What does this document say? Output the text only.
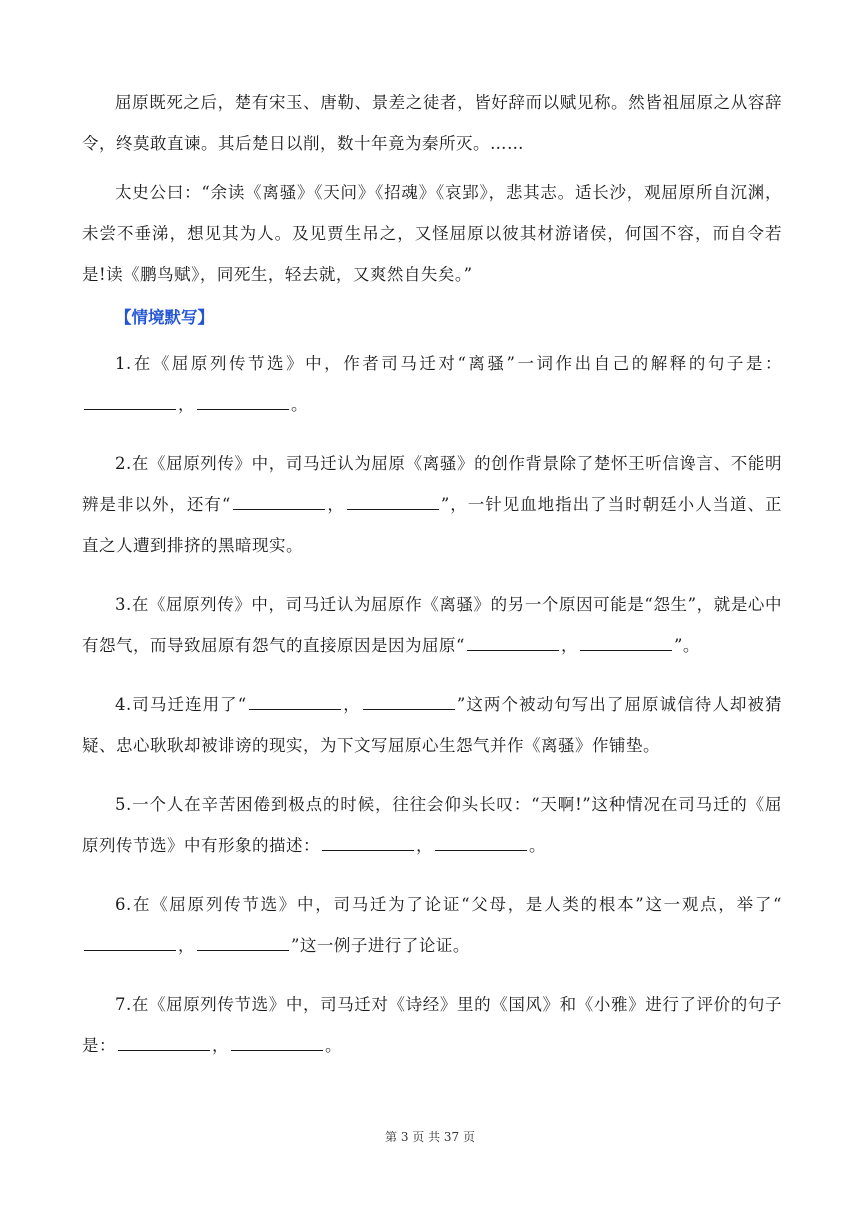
屈原既死之后，楚有宋玉、唐勒、景差之徒者，皆好辞而以赋见称。然皆祖屈原之从容辞令，终莫敢直谏。其后楚日以削，数十年竟为秦所灭。……

太史公曰：“余读《离骚》《天问》《招魂》《哀郢》，悲其志。适长沙，观屈原所自沉渊，未尝不垂涕，想见其为人。及见贾生吊之，又怪屈原以彼其材游诸侯，何国不容，而自令若是!读《鹏鸟赋》，同死生，轻去就，又爽然自失矣。”

【情境默写】

1.在《屈原列传节选》中，作者司马迁对“离骚”一词作出自己的解释的句子是：，	。

2.在《屈原列传》中，司马迁认为屈原《离骚》的创作背景除了楚怀王听信谗言、不能明辨是非以外，还有“	，	”，一针见血地指出了当时朝廷小人当道、正直之人遭到排挤的黑暗现实。

3.在《屈原列传》中，司马迁认为屈原作《离骚》的另一个原因可能是“怨生”，就是心中有怨气，而导致屈原有怨气的直接原因是因为屈原“	，	”。

4.司马迁连用了“	，	”这两个被动句写出了屈原诚信待人却被猜疑、忠心耿耿却被诽谤的现实，为下文写屈原心生怨气并作《离骚》作铺垫。

5.一个人在辛苦困倦到极点的时候，往往会仰头长叹：“天啊!”这种情况在司马迁的《屈原列传节选》中有形象的描述：	，	。

6.在《屈原列传节选》中，司马迁为了论证“父母，是人类的根本”这一观点，举了“，	”这一例子进行了论证。

7.在《屈原列传节选》中，司马迁对《诗经》里的《国风》和《小雅》进行了评价的句子是：	，	。

第 3 页 共 37 页
